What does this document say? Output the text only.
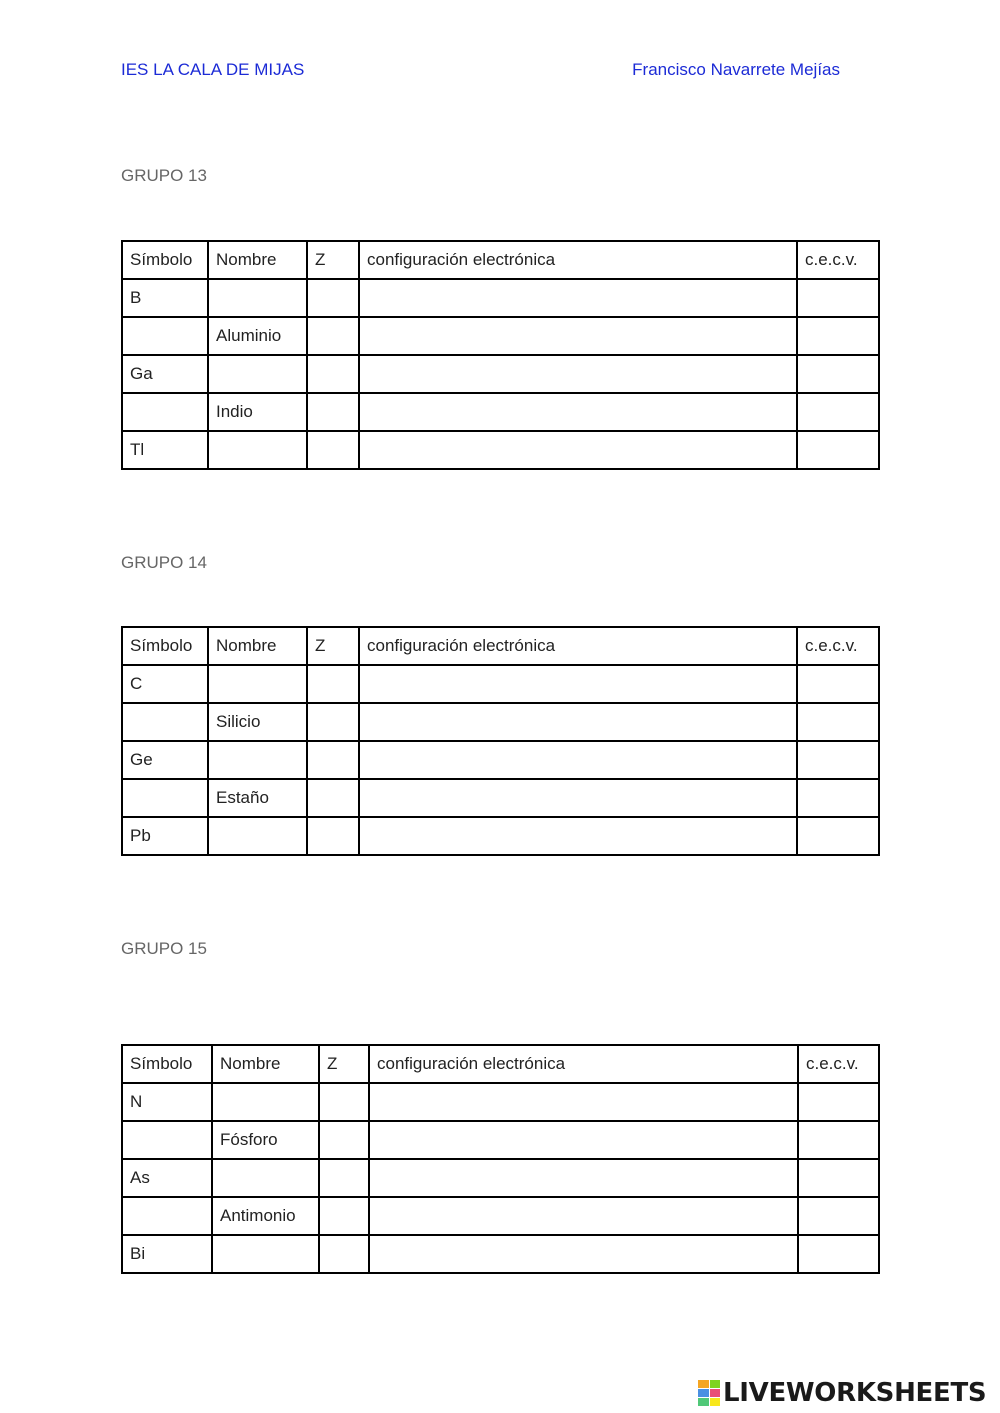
IES LA CALA DE MIJAS	Francisco Navarrete Mejías
GRUPO 13
Símbolo	Nombre	Z	configuración electrónica	c.e.c.v.
B				
	Aluminio			
Ga				
	Indio			
Tl				
GRUPO 14
Símbolo	Nombre	Z	configuración electrónica	c.e.c.v.
C				
	Silicio			
Ge				
	Estaño			
Pb				
GRUPO 15
Símbolo	Nombre	Z	configuración electrónica	c.e.c.v.
N				
	Fósforo			
As				
	Antimonio			
Bi				
LIVEWORKSHEETS
